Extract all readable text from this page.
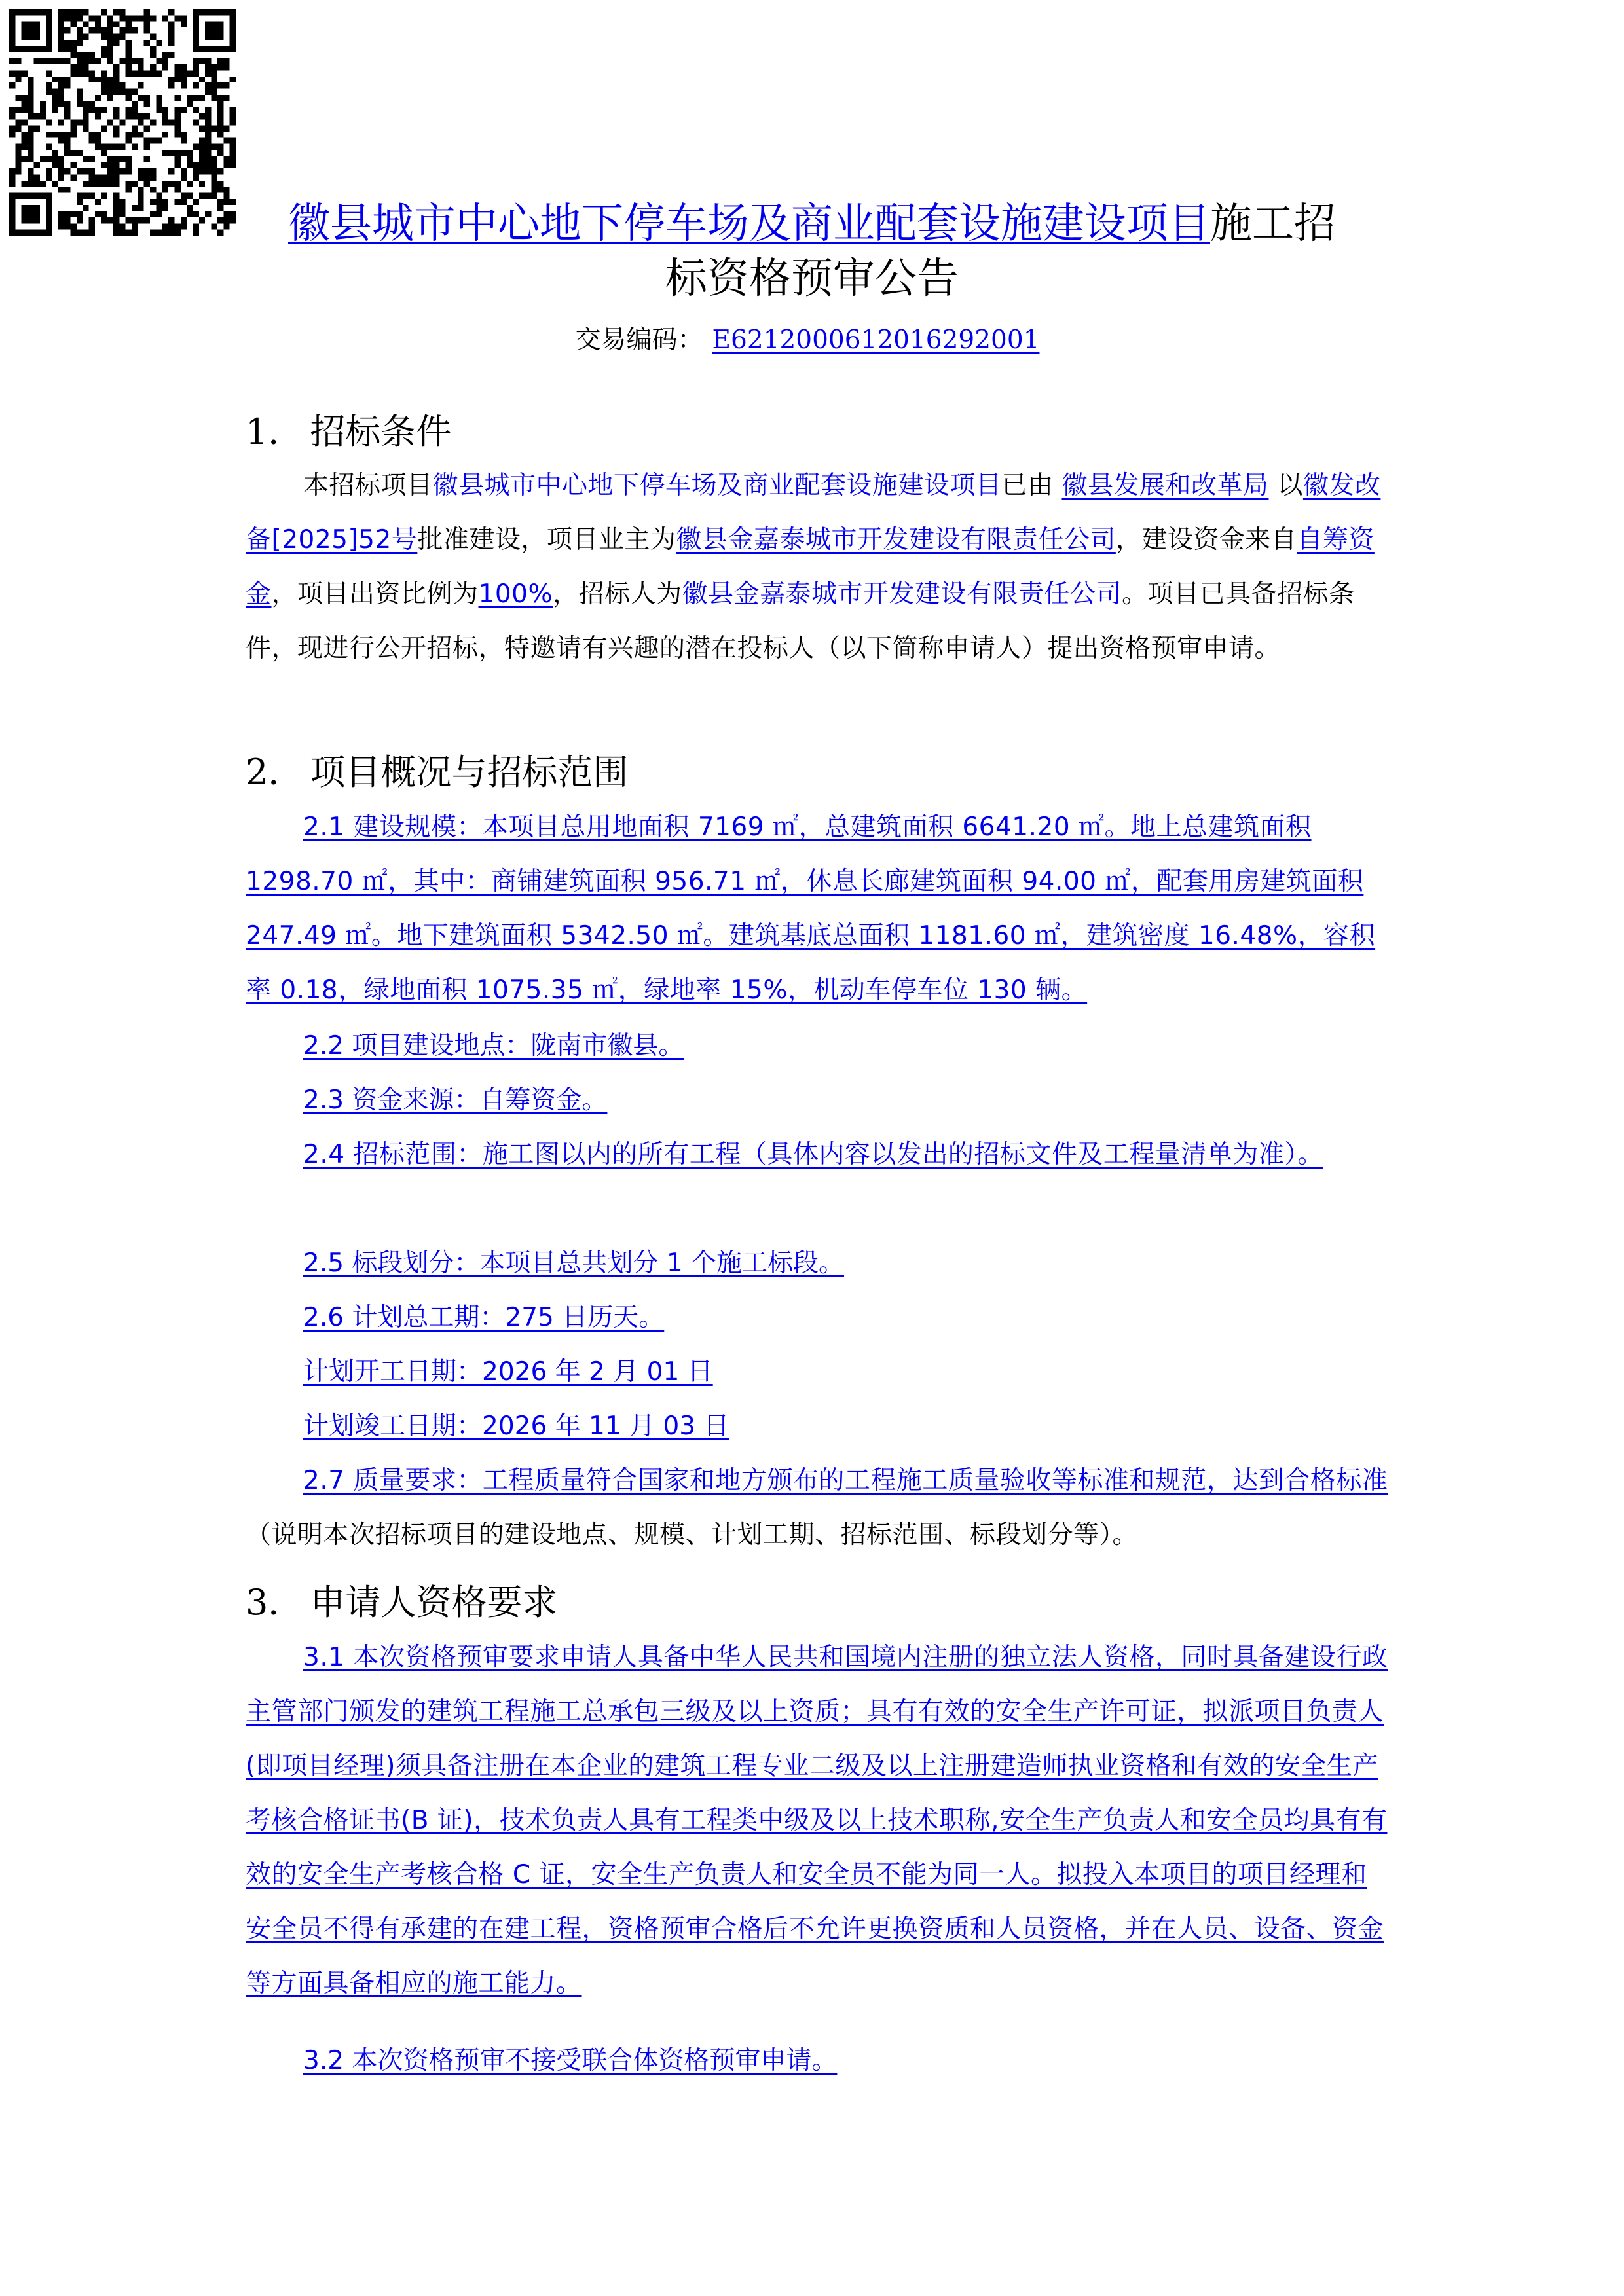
徽县城市中心地下停车场及商业配套设施建设项目施工招
标资格预审公告
交易编码： E6212000612016292001
1． 招标条件

本招标项目徽县城市中心地下停车场及商业配套设施建设项目已由 徽县发展和改革局 以徽发改备[2025]52号批准建设，项目业主为徽县金嘉泰城市开发建设有限责任公司，建设资金来自自筹资金，项目出资比例为100%，招标人为徽县金嘉泰城市开发建设有限责任公司。项目已具备招标条件，现进行公开招标，特邀请有兴趣的潜在投标人（以下简称申请人）提出资格预审申请。

2． 项目概况与招标范围

2.1 建设规模：本项目总用地面积 7169 ㎡，总建筑面积 6641.20 ㎡。地上总建筑面积 1298.70 ㎡，其中：商铺建筑面积 956.71 ㎡，休息长廊建筑面积 94.00 ㎡，配套用房建筑面积 247.49 ㎡。地下建筑面积 5342.50 ㎡。建筑基底总面积 1181.60 ㎡，建筑密度 16.48%，容积率 0.18，绿地面积 1075.35 ㎡，绿地率 15%，机动车停车位 130 辆。

2.2 项目建设地点：陇南市徽县。

2.3 资金来源：自筹资金。

2.4 招标范围：施工图以内的所有工程（具体内容以发出的招标文件及工程量清单为准）。

2.5 标段划分：本项目总共划分 1 个施工标段。

2.6 计划总工期：275 日历天。

计划开工日期：2026 年 2 月 01 日

计划竣工日期：2026 年 11 月 03 日

2.7 质量要求：工程质量符合国家和地方颁布的工程施工质量验收等标准和规范，达到合格标准（说明本次招标项目的建设地点、规模、计划工期、招标范围、标段划分等）。

3． 申请人资格要求

3.1 本次资格预审要求申请人具备中华人民共和国境内注册的独立法人资格，同时具备建设行政主管部门颁发的建筑工程施工总承包三级及以上资质；具有有效的安全生产许可证，拟派项目负责人(即项目经理)须具备注册在本企业的建筑工程专业二级及以上注册建造师执业资格和有效的安全生产考核合格证书(B 证)，技术负责人具有工程类中级及以上技术职称,安全生产负责人和安全员均具有有效的安全生产考核合格 C 证，安全生产负责人和安全员不能为同一人。拟投入本项目的项目经理和安全员不得有承建的在建工程，资格预审合格后不允许更换资质和人员资格，并在人员、设备、资金等方面具备相应的施工能力。

3.2 本次资格预审不接受联合体资格预审申请。
